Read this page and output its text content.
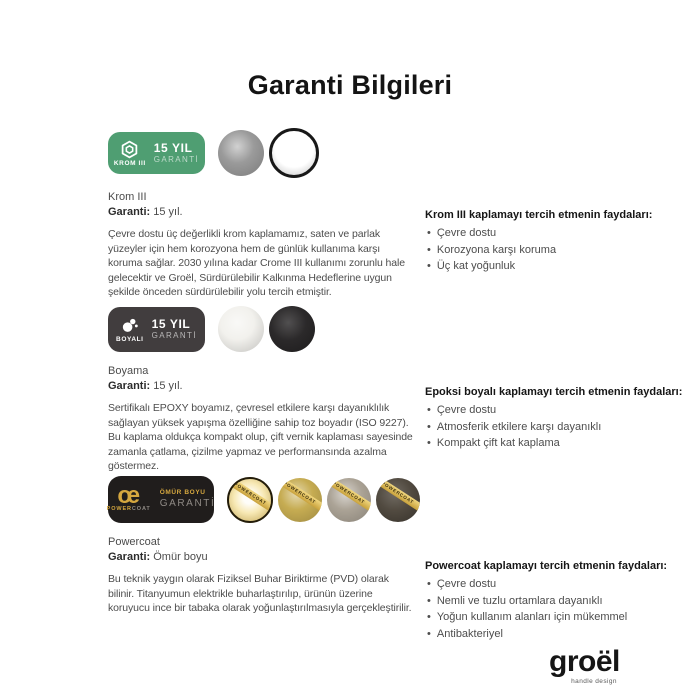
Garanti Bilgileri
KROM III
15 YIL
GARANTİ
Krom III

Garanti: 15 yıl.

Çevre dostu üç değerlikli krom kaplamamız, saten ve parlak yüzeyler için hem korozyona hem de günlük kullanıma karşı koruma sağlar. 2030 yılına kadar Crome III kullanımı zorunlu hale gelecektir ve Groël, Sürdürülebilir Kalkınma Hedeflerine uygun şekilde önceden sürdürülebilir yolu tercih etmiştir.

Krom III kaplamayı tercih etmenin faydaları:
• Çevre dostu
• Korozyona karşı koruma
• Üç kat yoğunluk
BOYALI
15 YIL
GARANTİ
Boyama

Garanti: 15 yıl.

Sertifikalı EPOXY boyamız, çevresel etkilere karşı dayanıklılık sağlayan yüksek yapışma özelliğine sahip toz boyadır (ISO 9227). Bu kaplama oldukça kompakt olup, çift vernik kaplaması sayesinde zamanla çatlama, çizilme yapmaz ve performansında azalma göstermez.

Epoksi boyalı kaplamayı tercih etmenin faydaları:
• Çevre dostu
• Atmosferik etkilere karşı dayanıklı
• Kompakt çift kat kaplama
œ
POWERCOAT
ÖMÜR BOYU
GARANTİ	POWERCOAT	POWERCOAT	POWERCOAT	POWERCOAT
Powercoat

Garanti: Ömür boyu

Bu teknik yaygın olarak Fiziksel Buhar Biriktirme (PVD) olarak bilinir. Titanyumun elektrikle buharlaştırılıp, ürünün üzerine koruyucu ince bir tabaka olarak yoğunlaştırılmasıyla gerçekleştirilir.

Powercoat kaplamayı tercih etmenin faydaları:
• Çevre dostu
• Nemli ve tuzlu ortamlara dayanıklı
• Yoğun kullanım alanları için mükemmel
• Antibakteriyel
groël
handle design
